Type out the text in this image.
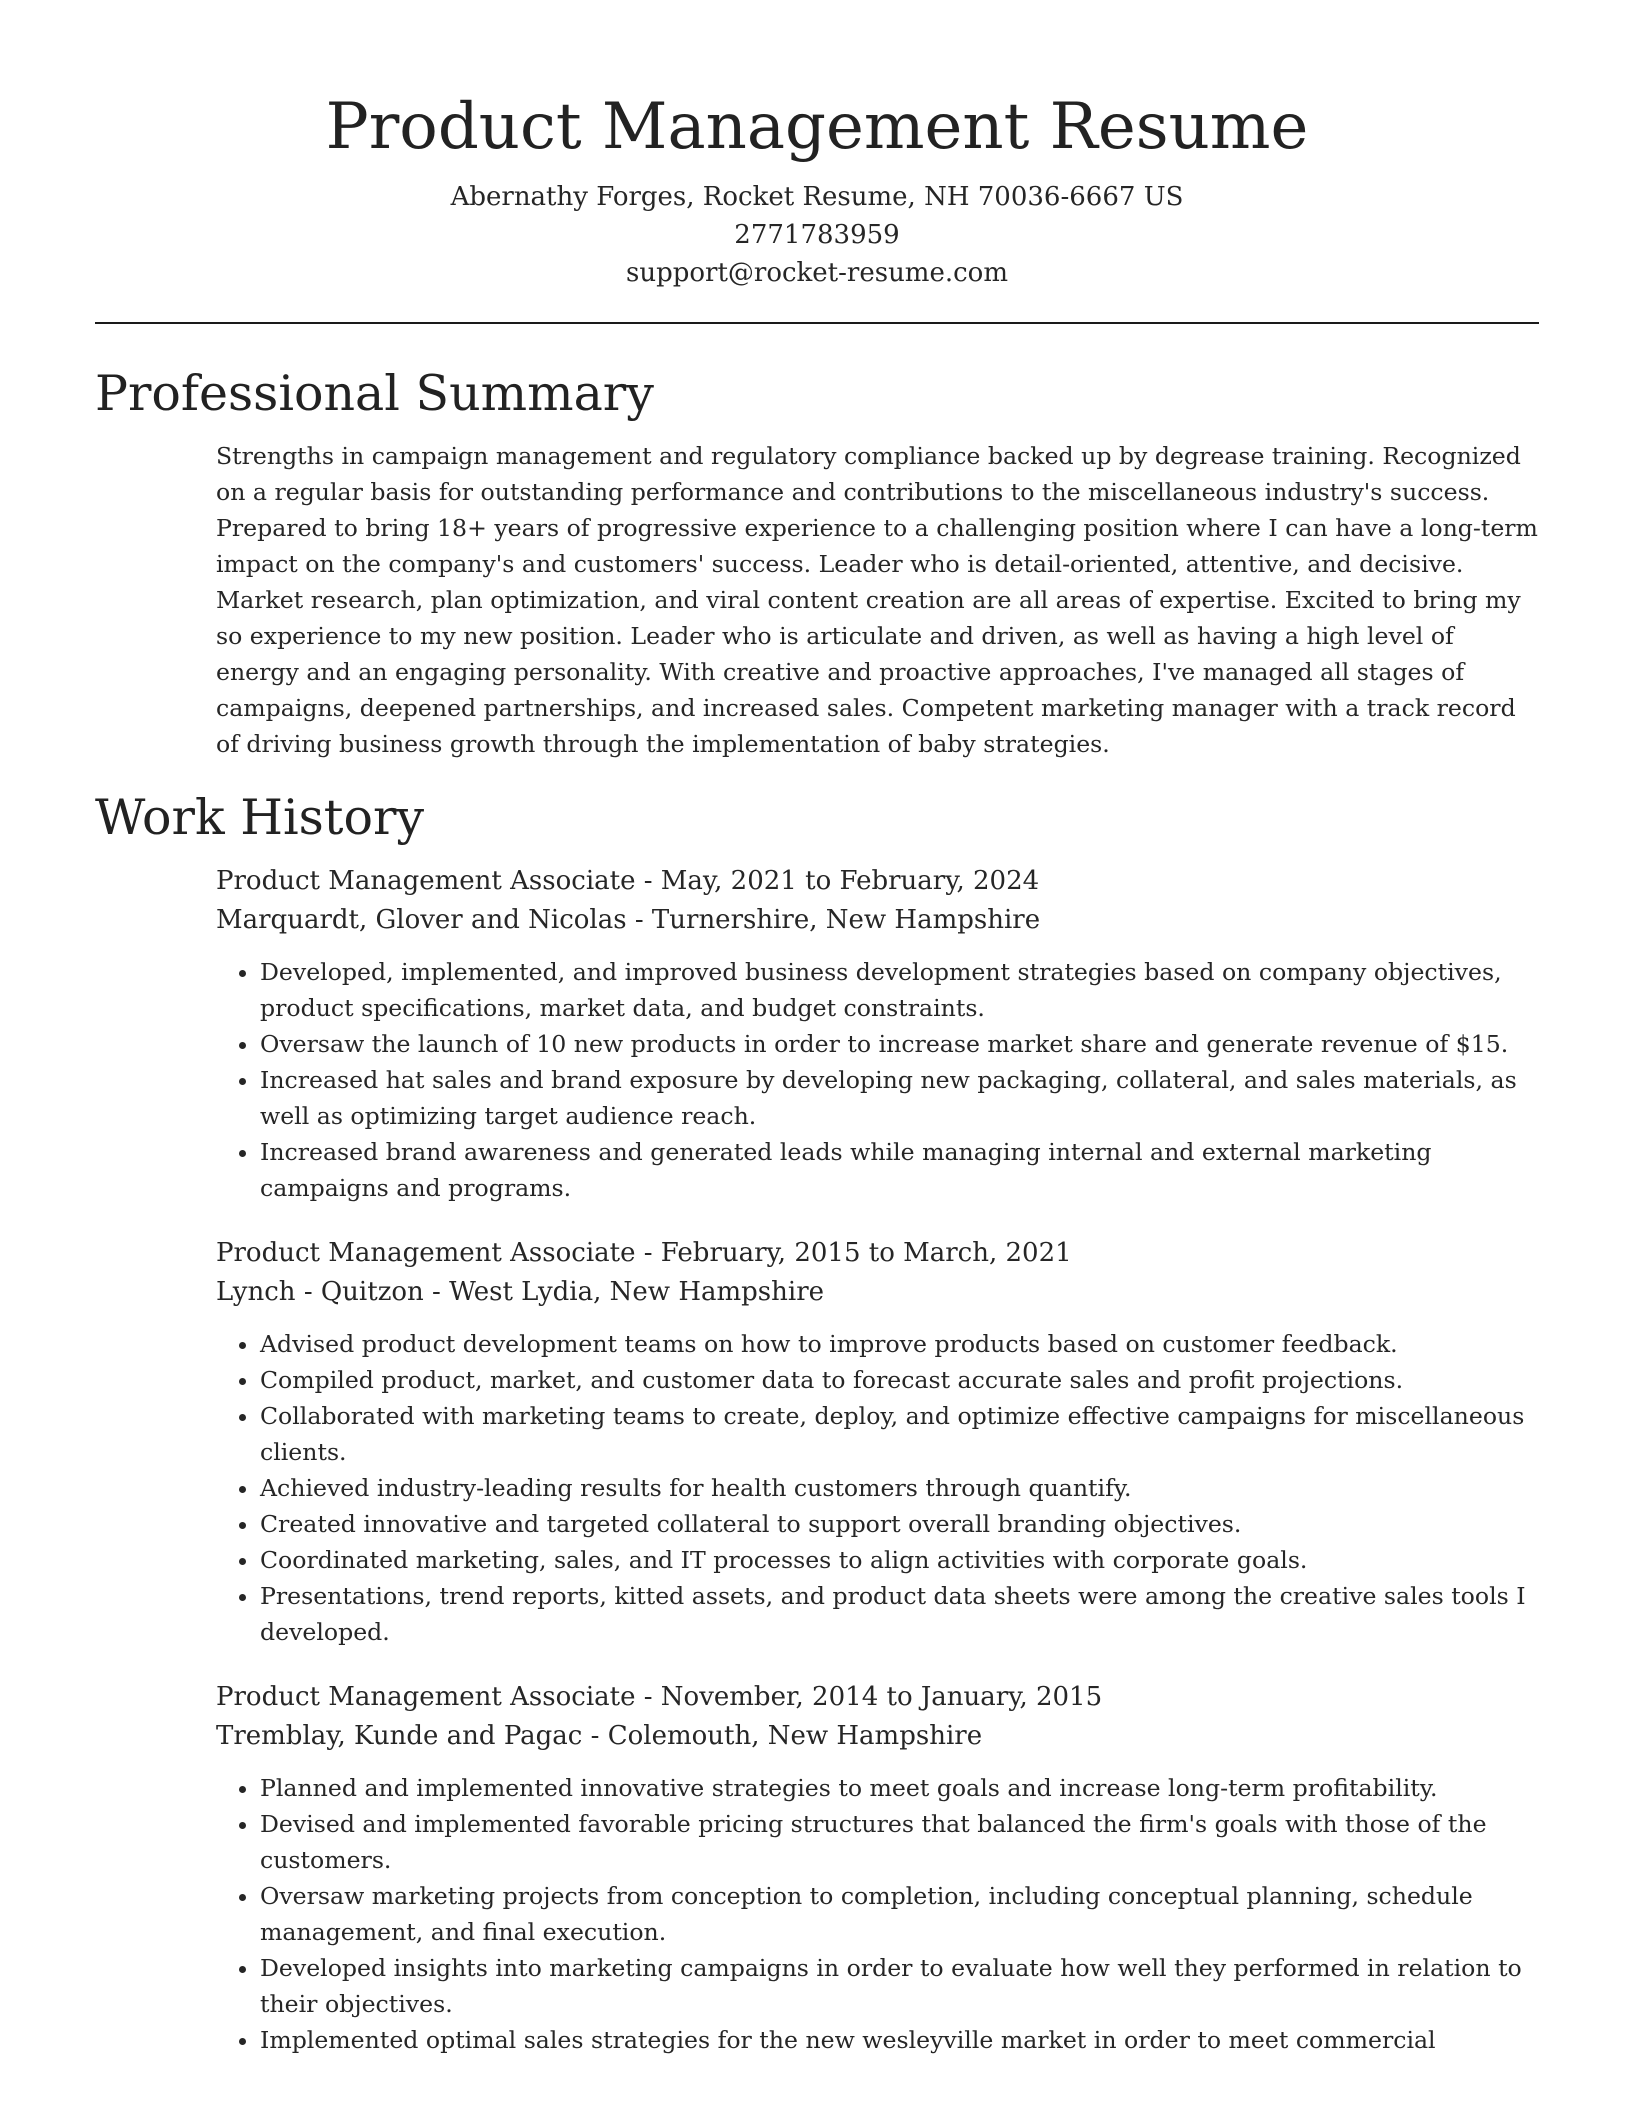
Product Management Resume

Abernathy Forges, Rocket Resume, NH 70036-6667 US

2771783959

support@rocket-resume.com

Professional Summary

Strengths in campaign management and regulatory compliance backed up by degrease training. Recognized on a regular basis for outstanding performance and contributions to the miscellaneous industry's success. Prepared to bring 18+ years of progressive experience to a challenging position where I can have a long-term impact on the company's and customers' success. Leader who is detail-oriented, attentive, and decisive. Market research, plan optimization, and viral content creation are all areas of expertise. Excited to bring my so experience to my new position. Leader who is articulate and driven, as well as having a high level of energy and an engaging personality. With creative and proactive approaches, I've managed all stages of campaigns, deepened partnerships, and increased sales. Competent marketing manager with a track record of driving business growth through the implementation of baby strategies.

Work History

Product Management Associate - May, 2021 to February, 2024

Marquardt, Glover and Nicolas - Turnershire, New Hampshire

• Developed, implemented, and improved business development strategies based on company objectives, product specifications, market data, and budget constraints.
• Oversaw the launch of 10 new products in order to increase market share and generate revenue of $15.
• Increased hat sales and brand exposure by developing new packaging, collateral, and sales materials, as well as optimizing target audience reach.
• Increased brand awareness and generated leads while managing internal and external marketing campaigns and programs.

Product Management Associate - February, 2015 to March, 2021

Lynch - Quitzon - West Lydia, New Hampshire

• Advised product development teams on how to improve products based on customer feedback.
• Compiled product, market, and customer data to forecast accurate sales and profit projections.
• Collaborated with marketing teams to create, deploy, and optimize effective campaigns for miscellaneous clients.
• Achieved industry-leading results for health customers through quantify.
• Created innovative and targeted collateral to support overall branding objectives.
• Coordinated marketing, sales, and IT processes to align activities with corporate goals.
• Presentations, trend reports, kitted assets, and product data sheets were among the creative sales tools I developed.

Product Management Associate - November, 2014 to January, 2015

Tremblay, Kunde and Pagac - Colemouth, New Hampshire

• Planned and implemented innovative strategies to meet goals and increase long-term profitability.
• Devised and implemented favorable pricing structures that balanced the firm's goals with those of the customers.
• Oversaw marketing projects from conception to completion, including conceptual planning, schedule management, and final execution.
• Developed insights into marketing campaigns in order to evaluate how well they performed in relation to their objectives.
• Implemented optimal sales strategies for the new wesleyville market in order to meet commercial
